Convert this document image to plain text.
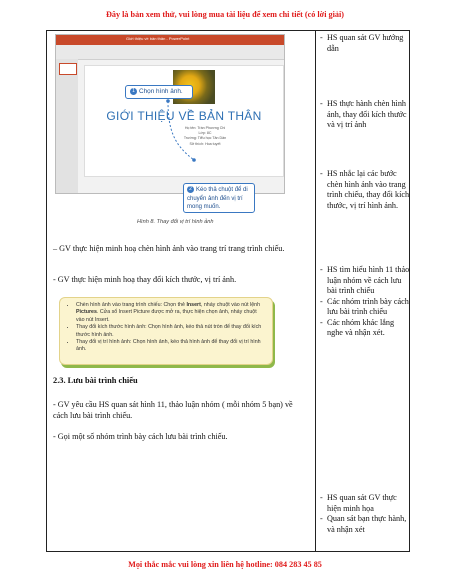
Đây là bản xem thử, vui lòng mua tài liệu để xem chi tiết (có lời giải)
Giới thiệu về bản thân - PowerPoint
GIỚI THIỆU VỀ BẢN THÂN
Họ tên: Trần Phương Chi
Lớp: 8C
Trường: Tiểu học Tân Dân
Sở thích: Hoa tuyết
1 Chọn hình ảnh.
2 Kéo thả chuột để di chuyển ảnh đến vị trí mong muốn.
Hình 8. Thay đổi vị trí hình ảnh
– GV thực hiện minh hoạ chèn hình ảnh vào trang trí trang trình chiếu.
- GV thực hiện minh hoạ thay đổi kích thước, vị trí ảnh.
• Chèn hình ảnh vào trang trình chiếu: Chọn thẻ Insert, nháy chuột vào nút lệnh Pictures. Cửa sổ Insert Picture được mở ra, thực hiện chọn ảnh, nháy chuột vào nút Insert.
• Thay đổi kích thước hình ảnh: Chọn hình ảnh, kéo thả nút tròn để thay đổi kích thước hình ảnh.
• Thay đổi vị trí hình ảnh: Chọn hình ảnh, kéo thả hình ảnh để thay đổi vị trí hình ảnh.
2.3. Lưu bài trình chiếu
- GV yêu cầu HS quan sát hình 11, thảo luận nhóm ( mỗi nhóm 5 bạn) về cách lưu bài trình chiếu.
- Gọi một số nhóm trình bày cách lưu bài trình chiếu.
- HS quan sát GV hướng dẫn
- HS thực hành chèn hình ảnh, thay đổi kích thước và vị trí ảnh
- HS nhắc lại các bước chèn hình ảnh vào trang trình chiếu, thay đổi kích thước, vị trí hình ảnh.
- HS tìm hiểu hình 11 thảo luận nhóm về cách lưu bài trình chiếu
- Các nhóm trình bày cách lưu bài trình chiếu
- Các nhóm khác lắng nghe và nhận xét.
- HS quan sát GV thực hiện minh họa
- Quan sát bạn thực hành, và nhận xét
Mọi thắc mắc vui lòng xin liên hệ hotline: 084 283 45 85
